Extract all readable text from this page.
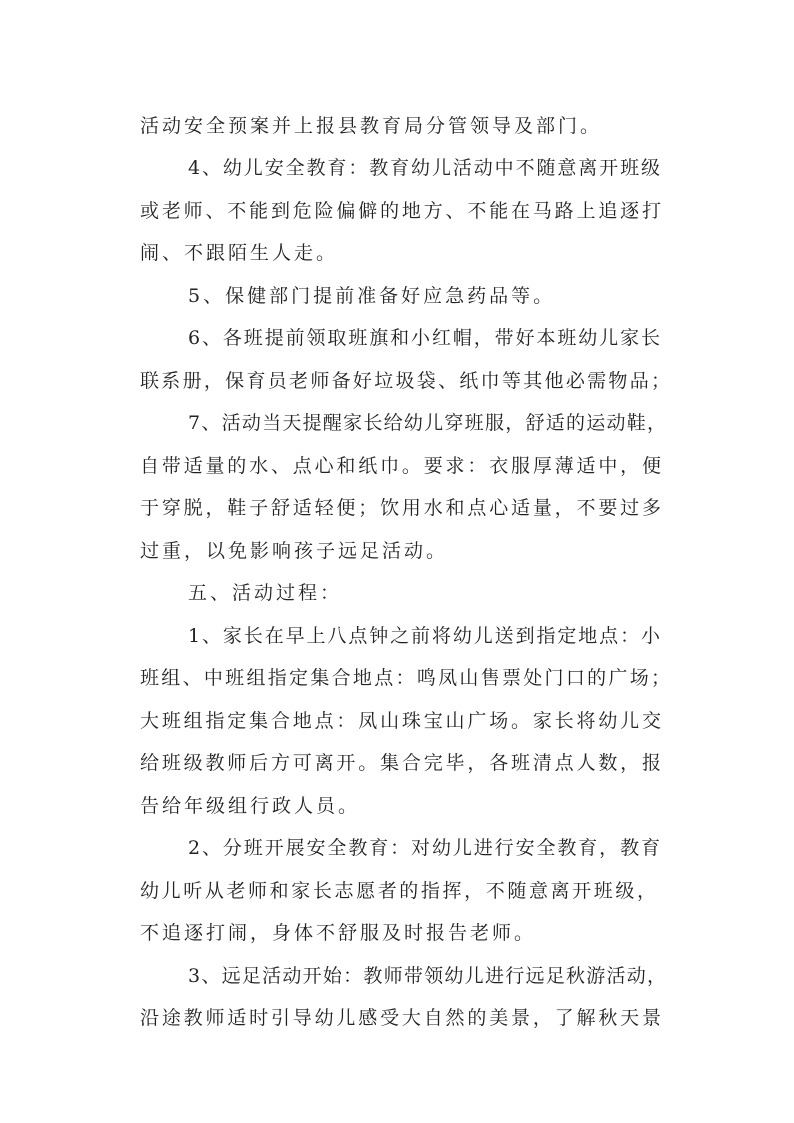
活动安全预案并上报县教育局分管领导及部门。
4、幼儿安全教育：教育幼儿活动中不随意离开班级
或老师、不能到危险偏僻的地方、不能在马路上追逐打
闹、不跟陌生人走。
5、保健部门提前准备好应急药品等。
6、各班提前领取班旗和小红帽，带好本班幼儿家长
联系册，保育员老师备好垃圾袋、纸巾等其他必需物品；
7、活动当天提醒家长给幼儿穿班服，舒适的运动鞋，
自带适量的水、点心和纸巾。要求：衣服厚薄适中，便
于穿脱，鞋子舒适轻便；饮用水和点心适量，不要过多
过重，以免影响孩子远足活动。
五、活动过程：
1、家长在早上八点钟之前将幼儿送到指定地点：小
班组、中班组指定集合地点：鸣凤山售票处门口的广场；
大班组指定集合地点：凤山珠宝山广场。家长将幼儿交
给班级教师后方可离开。集合完毕，各班清点人数，报
告给年级组行政人员。
2、分班开展安全教育：对幼儿进行安全教育，教育
幼儿听从老师和家长志愿者的指挥，不随意离开班级，
不追逐打闹，身体不舒服及时报告老师。
3、远足活动开始：教师带领幼儿进行远足秋游活动，
沿途教师适时引导幼儿感受大自然的美景，了解秋天景
